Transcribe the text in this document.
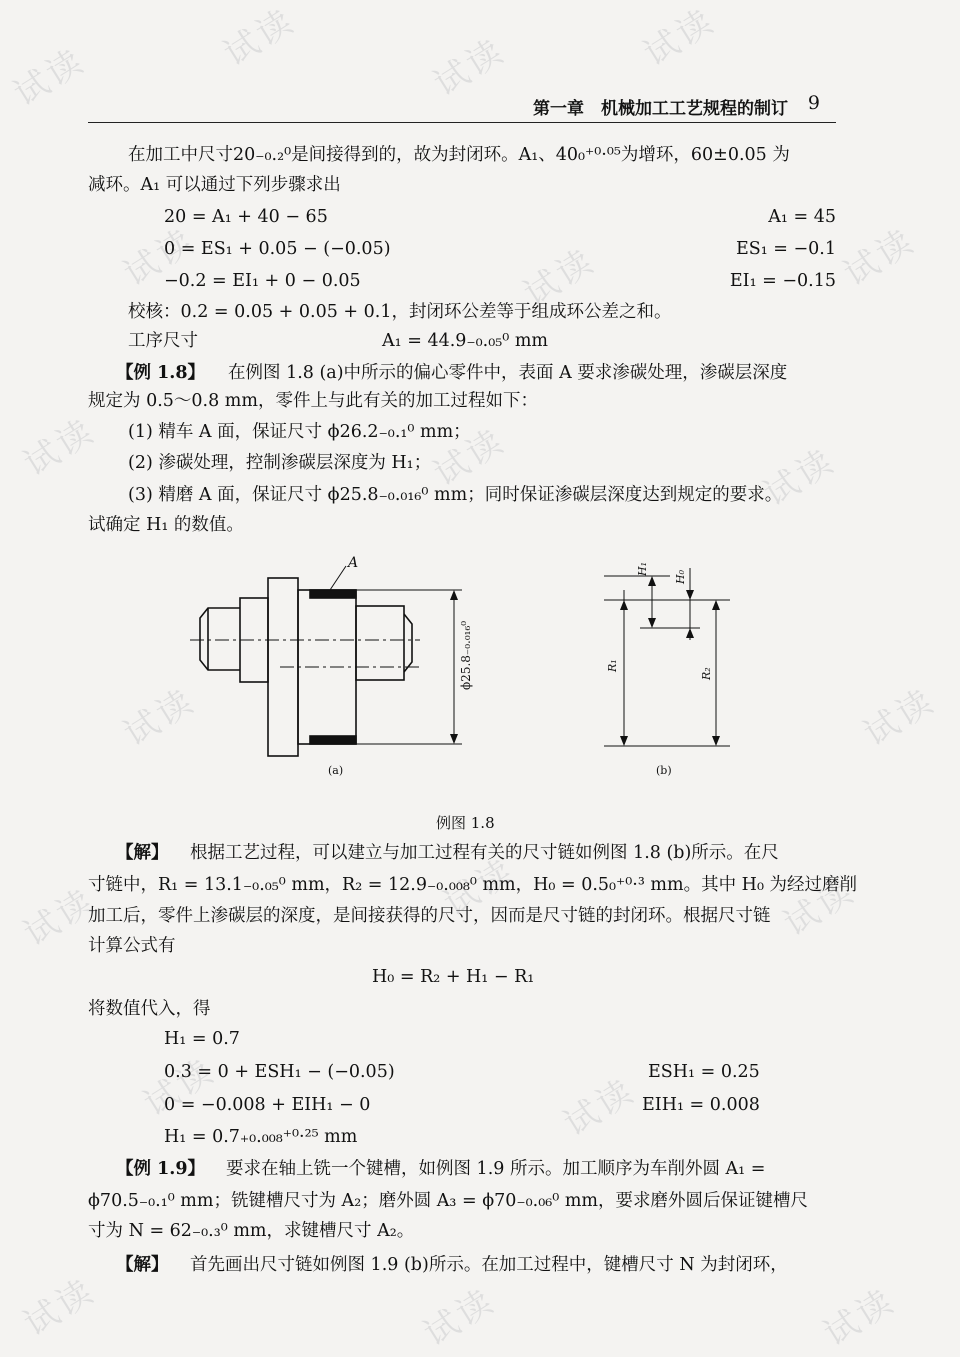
试读
试读	试读	试读
试读	试读	试读
试读	试读	试读
试读	试读
试读	试读	试读
试读	试读
试读	试读	试读
第一章　机械加工工艺规程的制订 9
在加工中尺寸20₋₀.₂⁰是间接得到的，故为封闭环。A₁、40₀⁺⁰·⁰⁵为增环，60±0.05 为
减环。A₁ 可以通过下列步骤求出
20 = A₁ + 40 − 65	A₁ = 45
0 = ES₁ + 0.05 − (−0.05)	ES₁ = −0.1
−0.2 = EI₁ + 0 − 0.05	EI₁ = −0.15
校核：0.2 = 0.05 + 0.05 + 0.1，封闭环公差等于组成环公差之和。
工序尺寸	A₁ = 44.9₋₀.₀₅⁰ mm
【例 1.8】 在例图 1.8 (a)中所示的偏心零件中，表面 A 要求渗碳处理，渗碳层深度
规定为 0.5～0.8 mm，零件上与此有关的加工过程如下：
(1) 精车 A 面，保证尺寸 ϕ26.2₋₀.₁⁰ mm；
(2) 渗碳处理，控制渗碳层深度为 H₁；
(3) 精磨 A 面，保证尺寸 ϕ25.8₋₀.₀₁₆⁰ mm；同时保证渗碳层深度达到规定的要求。
试确定 H₁ 的数值。
A
ϕ25.8₋₀.₀₁₆⁰
(a)	(b)
H₁
H₀
R₁
R₂
例图 1.8
【解】 根据工艺过程，可以建立与加工过程有关的尺寸链如例图 1.8 (b)所示。在尺
寸链中，R₁ = 13.1₋₀.₀₅⁰ mm，R₂ = 12.9₋₀.₀₀₈⁰ mm，H₀ = 0.5₀⁺⁰·³ mm。其中 H₀ 为经过磨削
加工后，零件上渗碳层的深度，是间接获得的尺寸，因而是尺寸链的封闭环。根据尺寸链
计算公式有
H₀ = R₂ + H₁ − R₁
将数值代入，得
H₁ = 0.7
0.3 = 0 + ESH₁ − (−0.05)	ESH₁ = 0.25
0 = −0.008 + EIH₁ − 0	EIH₁ = 0.008
H₁ = 0.7₊₀.₀₀₈⁺⁰·²⁵ mm
【例 1.9】 要求在轴上铣一个键槽，如例图 1.9 所示。加工顺序为车削外圆 A₁ =
ϕ70.5₋₀.₁⁰ mm；铣键槽尺寸为 A₂；磨外圆 A₃ = ϕ70₋₀.₀₆⁰ mm，要求磨外圆后保证键槽尺
寸为 N = 62₋₀.₃⁰ mm，求键槽尺寸 A₂。
【解】 首先画出尺寸链如例图 1.9 (b)所示。在加工过程中，键槽尺寸 N 为封闭环，
